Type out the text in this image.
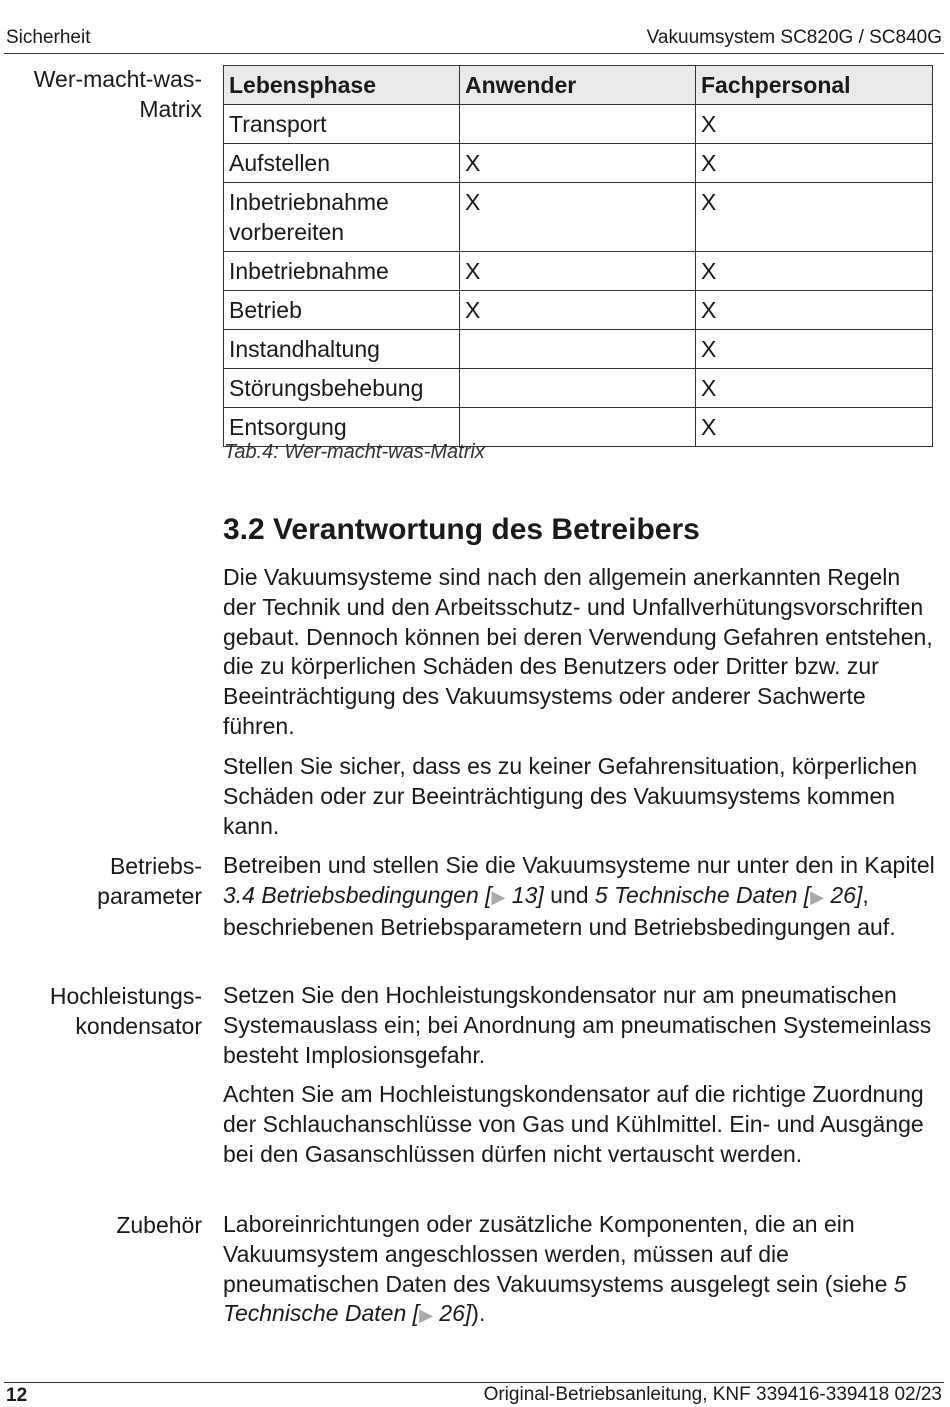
Sicherheit	Vakuumsystem SC820G / SC840G
Wer-macht-was-
Matrix
Lebensphase	Anwender	Fachpersonal
Transport		X
Aufstellen	X	X

Inbetriebnahme
vorbereiten	X	X
Inbetriebnahme	X	X
Betrieb	X	X
Instandhaltung		X
Störungsbehebung		X
Entsorgung		X
Tab.4: Wer-macht-was-Matrix
3.2 Verantwortung des Betreibers
Die Vakuumsysteme sind nach den allgemein anerkannten Regeln der Technik und den Arbeitsschutz- und Unfallverhütungsvorschriften gebaut. Dennoch können bei deren Verwendung Gefahren entstehen, die zu körperlichen Schäden des Benutzers oder Dritter bzw. zur Beeinträchtigung des Vakuumsystems oder anderer Sachwerte führen.
Stellen Sie sicher, dass es zu keiner Gefahrensituation, körperlichen Schäden oder zur Beeinträchtigung des Vakuumsystems kommen kann.
Betriebs-
parameter
Betreiben und stellen Sie die Vakuumsysteme nur unter den in Kapitel 3.4 Betriebsbedingungen [▶ 13] und 5 Technische Daten [▶ 26], beschriebenen Betriebsparametern und Betriebsbedingungen auf.
Hochleistungs-
kondensator
Setzen Sie den Hochleistungskondensator nur am pneumatischen Systemauslass ein; bei Anordnung am pneumatischen Systemeinlass besteht Implosionsgefahr.
Achten Sie am Hochleistungskondensator auf die richtige Zuordnung der Schlauchanschlüsse von Gas und Kühlmittel. Ein- und Ausgänge bei den Gasanschlüssen dürfen nicht vertauscht werden.
Zubehör Laboreinrichtungen oder zusätzliche Komponenten, die an ein Vakuumsystem angeschlossen werden, müssen auf die pneumatischen Daten des Vakuumsystems ausgelegt sein (siehe 5 Technische Daten [▶ 26]).
12	Original-Betriebsanleitung, KNF 339416-339418 02/23
